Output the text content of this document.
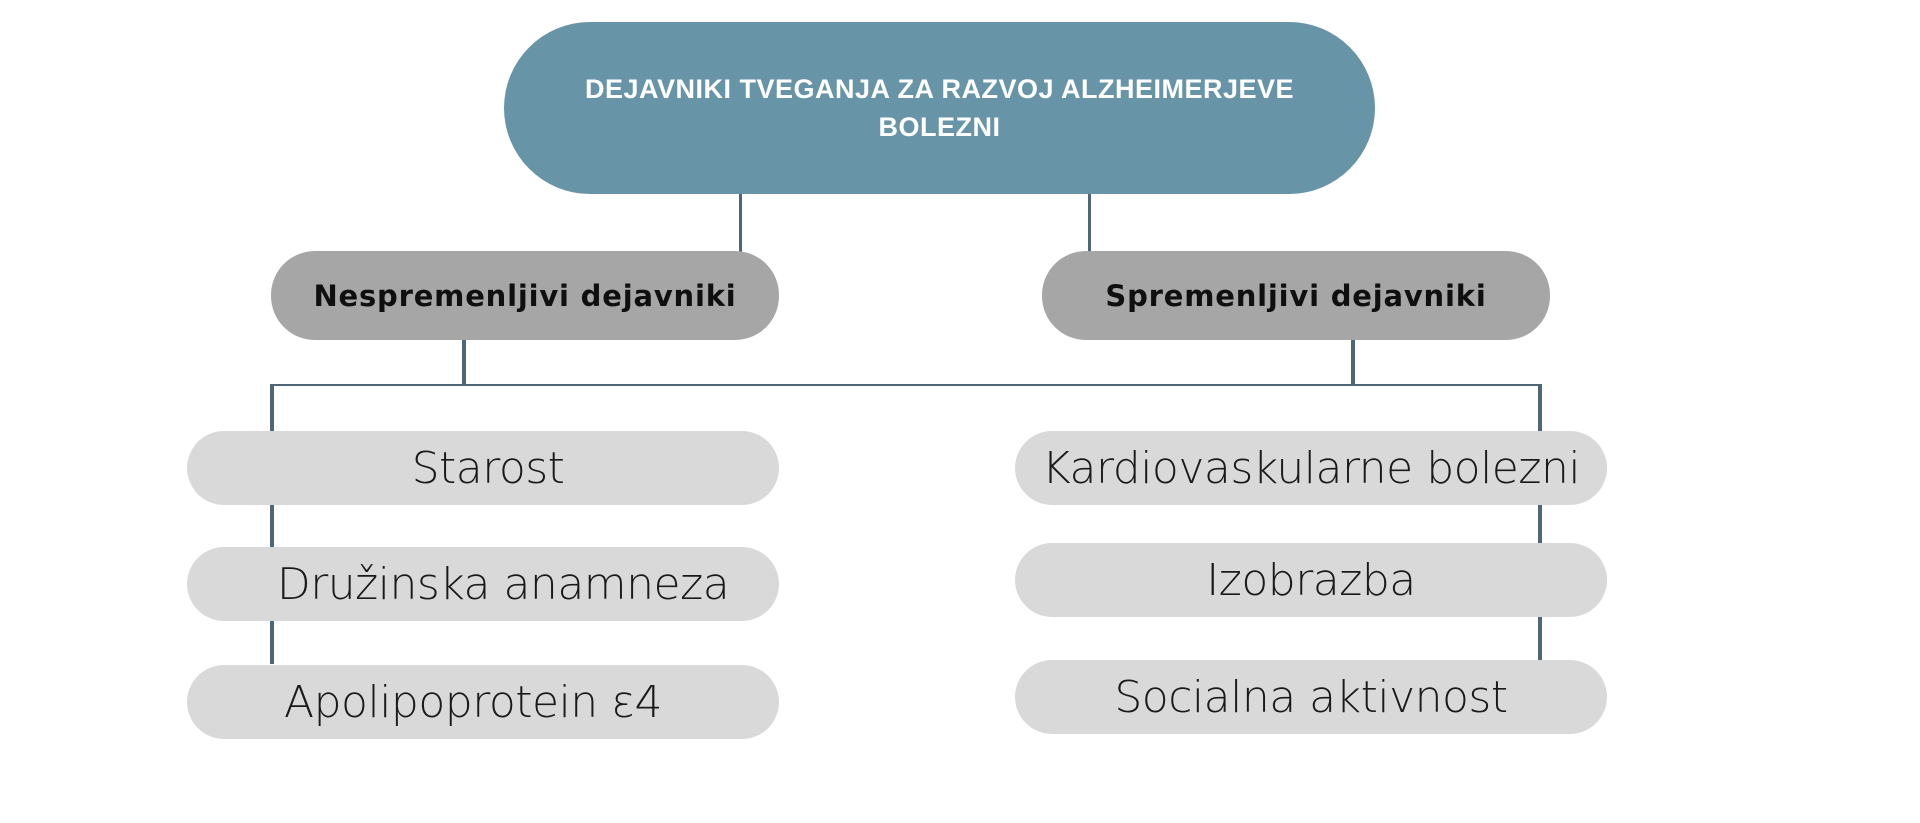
DEJAVNIKI TVEGANJA ZA RAZVOJ ALZHEIMERJEVE BOLEZNI
Nespremenljivi dejavniki	Spremenljivi dejavniki
Starost
Družinska anamneza
Apolipoprotein ε4
Kardiovaskularne bolezni
Izobrazba
Socialna aktivnost
